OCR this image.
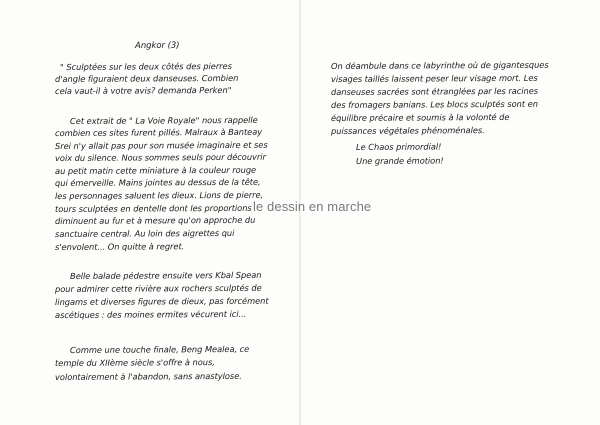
Angkor (3)
" Sculptées sur les deux côtés des pierres
d'angle figuraient deux danseuses. Combien
cela vaut-il à votre avis? demanda Perken"
Cet extrait de " La Voie Royale" nous rappelle
combien ces sites furent pillés. Malraux à Banteay
Srei n'y allait pas pour son musée imaginaire et ses
voix du silence. Nous sommes seuls pour découvrir
au petit matin cette miniature à la couleur rouge
qui émerveille. Mains jointes au dessus de la tête,
les personnages saluent les dieux. Lions de pierre,
tours sculptées en dentelle dont les proportions
diminuent au fur et à mesure qu'on approche du
sanctuaire central. Au loin des aigrettes qui
s'envolent... On quitte à regret.
Belle balade pédestre ensuite vers Kbal Spean
pour admirer cette rivière aux rochers sculptés de
lingams et diverses figures de dieux, pas forcément
ascétiques : des moines ermites vécurent ici...
Comme une touche finale, Beng Mealea, ce
temple du XIIème siècle s'offre à nous,
volontairement à l'abandon, sans anastylose.
On déambule dans ce labyrinthe où de gigantesques
visages taillés laissent peser leur visage mort. Les
danseuses sacrées sont étranglées par les racines
des fromagers banians. Les blocs sculptés sont en
équilibre précaire et soumis à la volonté de
puissances végétales phénoménales.
Le Chaos primordial!
Une grande émotion!
le dessin en marche
